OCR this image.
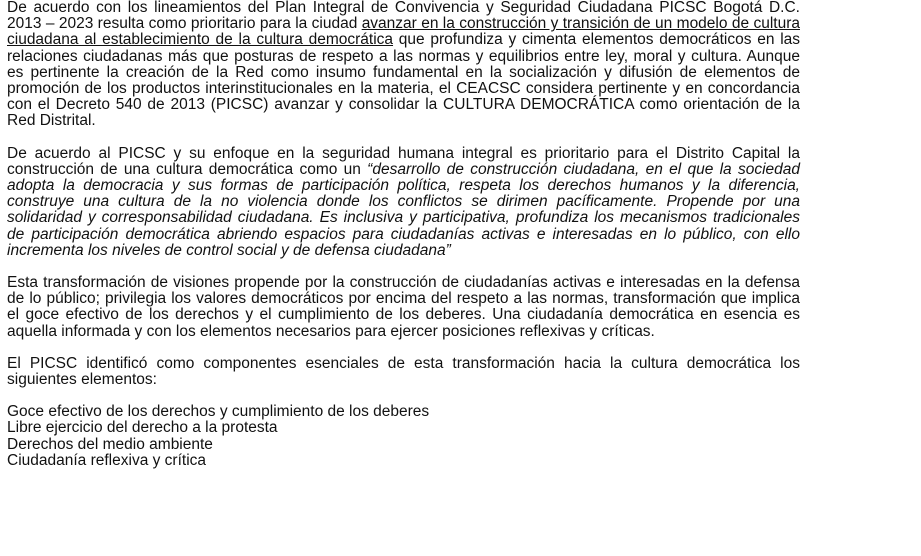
De acuerdo con los lineamientos del Plan Integral de Convivencia y Seguridad Ciudadana PICSC Bogotá D.C. 2013 – 2023 resulta como prioritario para la ciudad avanzar en la construcción y transición de un modelo de cultura ciudadana al establecimiento de la cultura democrática que profundiza y cimenta elementos democráticos en las relaciones ciudadanas más que posturas de respeto a las normas y equilibrios entre ley, moral y cultura. Aunque es pertinente la creación de la Red como insumo fundamental en la socialización y difusión de elementos de promoción de los productos interinstitucionales en la materia, el CEACSC considera pertinente y en concordancia con el Decreto 540 de 2013 (PICSC) avanzar y consolidar la CULTURA DEMOCRÁTICA como orientación de la Red Distrital.

De acuerdo al PICSC y su enfoque en la seguridad humana integral es prioritario para el Distrito Capital la construcción de una cultura democrática como un “desarrollo de construcción ciudadana, en el que la sociedad adopta la democracia y sus formas de participación política, respeta los derechos humanos y la diferencia, construye una cultura de la no violencia donde los conflictos se dirimen pacíficamente. Propende por una solidaridad y corresponsabilidad ciudadana. Es inclusiva y participativa, profundiza los mecanismos tradicionales de participación democrática abriendo espacios para ciudadanías activas e interesadas en lo público, con ello incrementa los niveles de control social y de defensa ciudadana”

Esta transformación de visiones propende por la construcción de ciudadanías activas e interesadas en la defensa de lo público; privilegia los valores democráticos por encima del respeto a las normas, transformación que implica el goce efectivo de los derechos y el cumplimiento de los deberes. Una ciudadanía democrática en esencia es aquella informada y con los elementos necesarios para ejercer posiciones reflexivas y críticas.

El PICSC identificó como componentes esenciales de esta transformación hacia la cultura democrática los siguientes elementos:

Goce efectivo de los derechos y cumplimiento de los deberes
Libre ejercicio del derecho a la protesta
Derechos del medio ambiente
Ciudadanía reflexiva y crítica
